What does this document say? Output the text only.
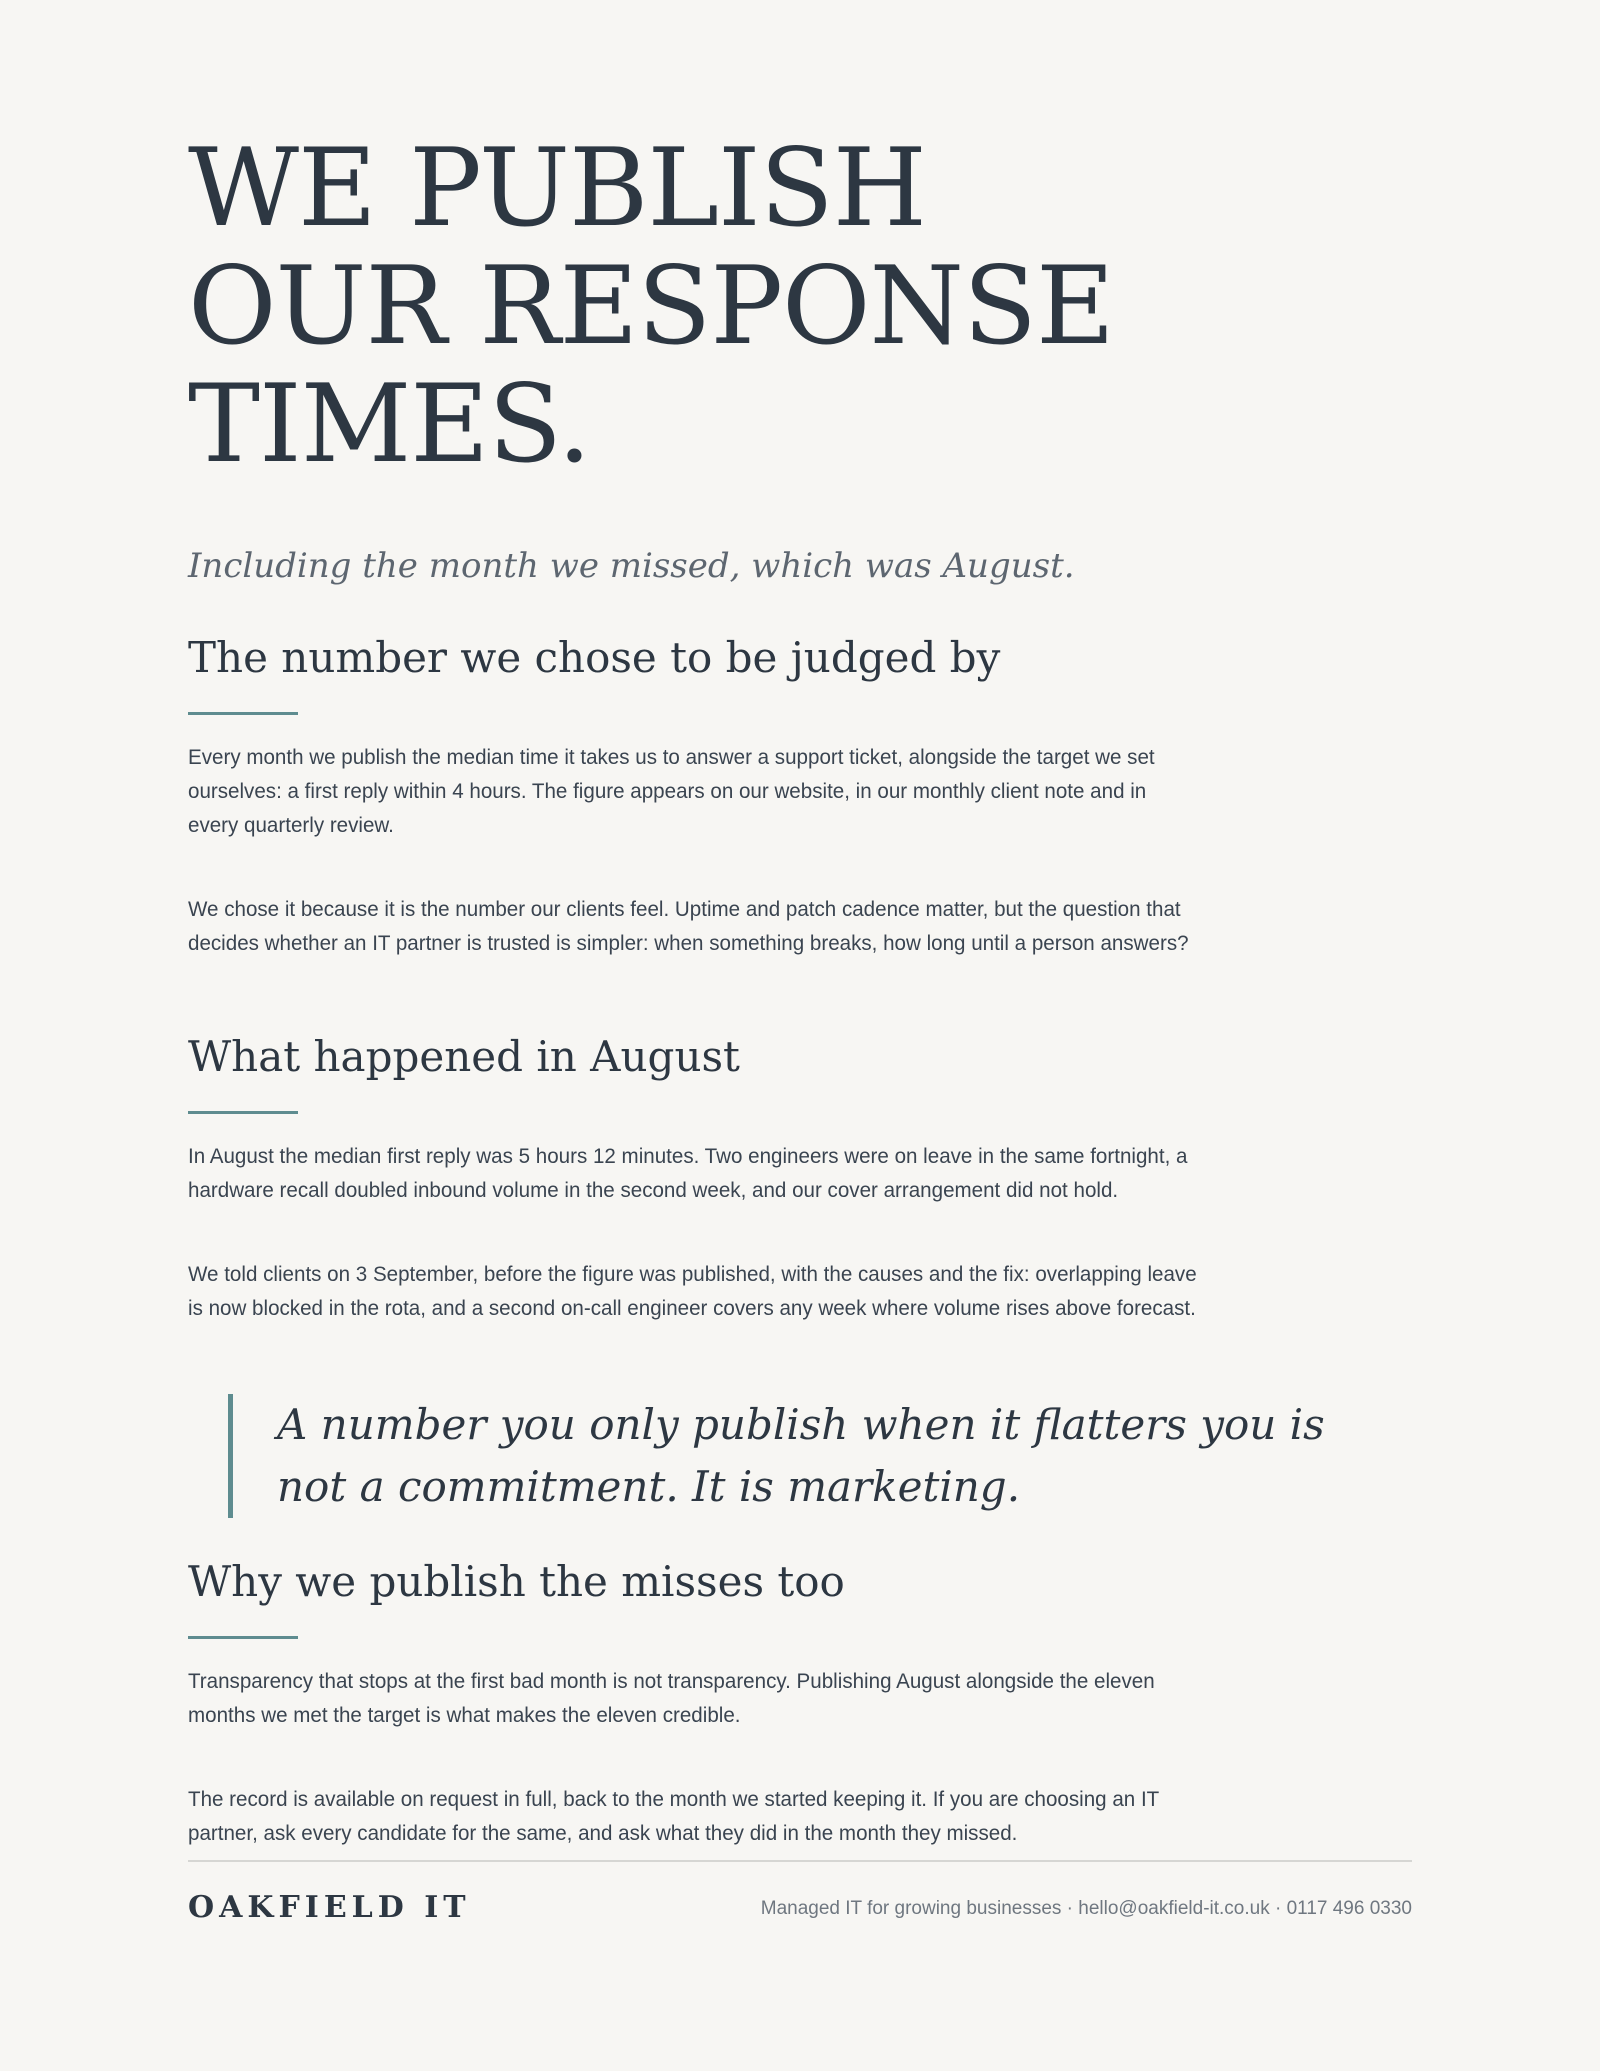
WE PUBLISH
OUR RESPONSE
TIMES.

Including the month we missed, which was August.

The number we chose to be judged by

Every month we publish the median time it takes us to answer a support ticket, alongside the target we set ourselves: a first reply within 4 hours. The figure appears on our website, in our monthly client note and in every quarterly review.

We chose it because it is the number our clients feel. Uptime and patch cadence matter, but the question that decides whether an IT partner is trusted is simpler: when something breaks, how long until a person answers?

What happened in August

In August the median first reply was 5 hours 12 minutes. Two engineers were on leave in the same fortnight, a hardware recall doubled inbound volume in the second week, and our cover arrangement did not hold.

We told clients on 3 September, before the figure was published, with the causes and the fix: overlapping leave is now blocked in the rota, and a second on-call engineer covers any week where volume rises above forecast.

A number you only publish when it flatters you is not a commitment. It is marketing.

Why we publish the misses too

Transparency that stops at the first bad month is not transparency. Publishing August alongside the eleven months we met the target is what makes the eleven credible.

The record is available on request in full, back to the month we started keeping it. If you are choosing an IT partner, ask every candidate for the same, and ask what they did in the month they missed.

OAKFIELD IT	Managed IT for growing businesses · hello@oakfield-it.co.uk · 0117 496 0330
